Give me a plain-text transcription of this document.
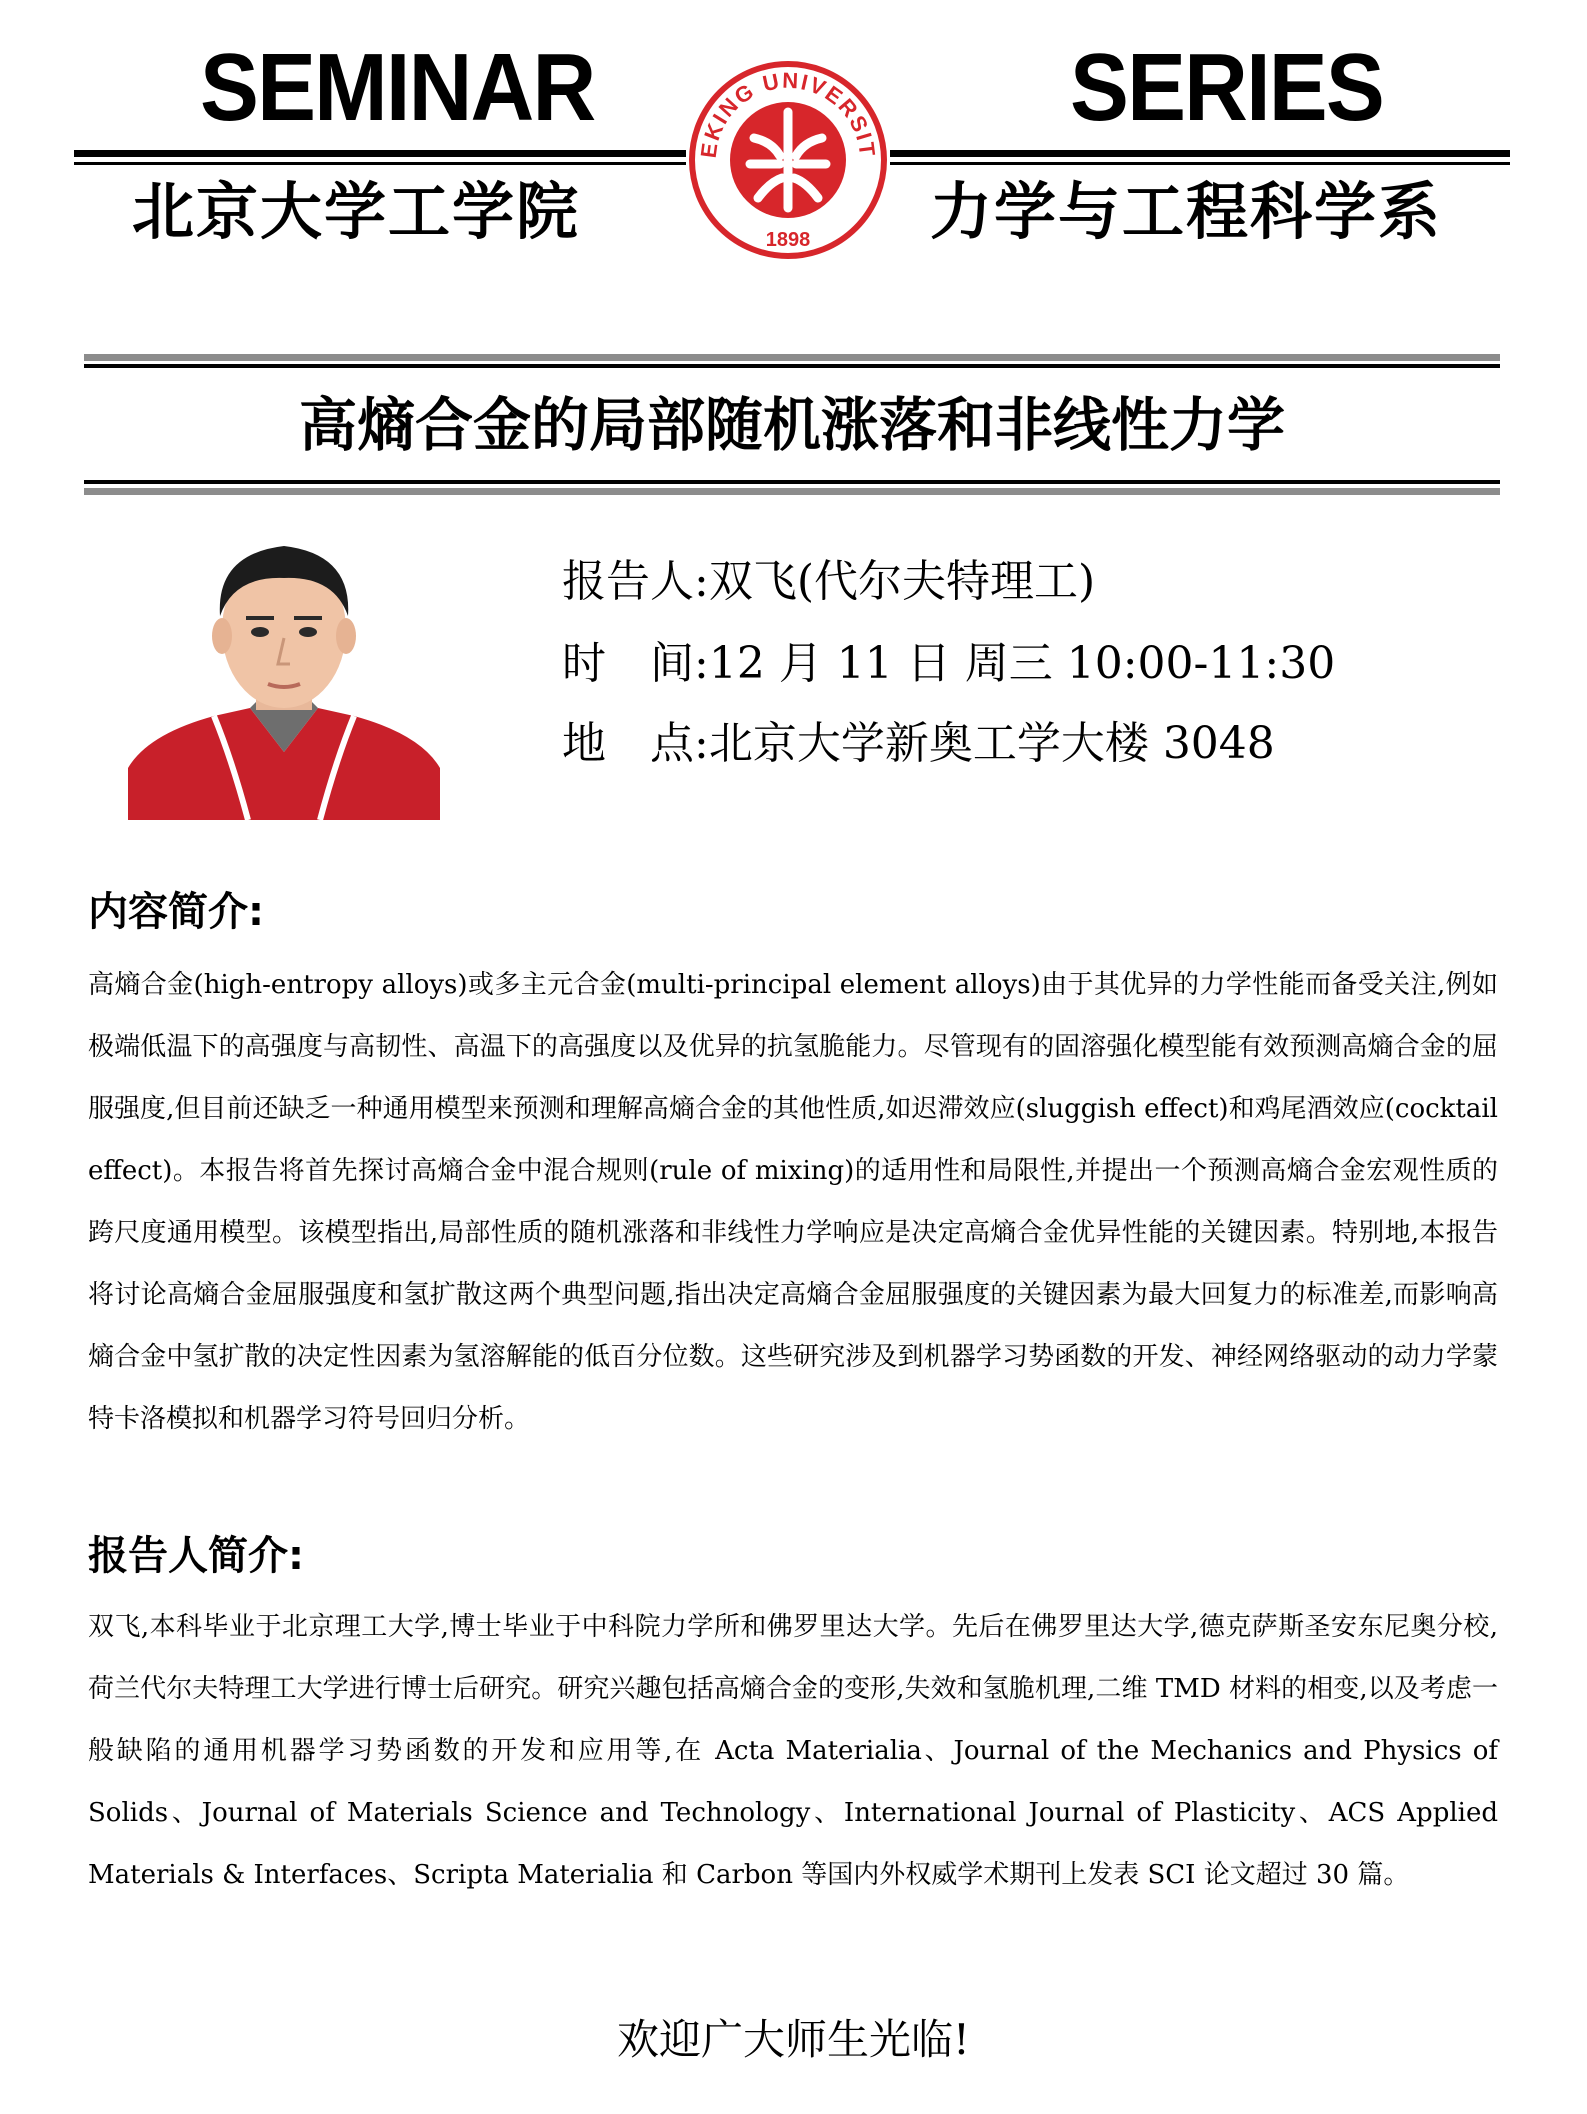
SEMINAR	SERIES
北京大学工学院	力学与工程科学系
EKING UNIVERSIT
1898
高熵合金的局部随机涨落和非线性力学
报告人:双飞(代尔夫特理工)
时　间:12 月 11 日 周三 10:00-11:30
地　点:北京大学新奥工学大楼 3048
内容简介:
高熵合金(high-entropy alloys)或多主元合金(multi-principal element alloys)由于其优异的力学性能而备受关注,例如极端低温下的高强度与高韧性、高温下的高强度以及优异的抗氢脆能力。尽管现有的固溶强化模型能有效预测高熵合金的屈服强度,但目前还缺乏一种通用模型来预测和理解高熵合金的其他性质,如迟滞效应(sluggish effect)和鸡尾酒效应(cocktail effect)。本报告将首先探讨高熵合金中混合规则(rule of mixing)的适用性和局限性,并提出一个预测高熵合金宏观性质的跨尺度通用模型。该模型指出,局部性质的随机涨落和非线性力学响应是决定高熵合金优异性能的关键因素。特别地,本报告将讨论高熵合金屈服强度和氢扩散这两个典型问题,指出决定高熵合金屈服强度的关键因素为最大回复力的标准差,而影响高熵合金中氢扩散的决定性因素为氢溶解能的低百分位数。这些研究涉及到机器学习势函数的开发、神经网络驱动的动力学蒙特卡洛模拟和机器学习符号回归分析。
报告人简介:
双飞,本科毕业于北京理工大学,博士毕业于中科院力学所和佛罗里达大学。先后在佛罗里达大学,德克萨斯圣安东尼奥分校,荷兰代尔夫特理工大学进行博士后研究。研究兴趣包括高熵合金的变形,失效和氢脆机理,二维 TMD 材料的相变,以及考虑一般缺陷的通用机器学习势函数的开发和应用等,在 Acta Materialia、Journal of the Mechanics and Physics of Solids、Journal of Materials Science and Technology、International Journal of Plasticity、ACS Applied Materials & Interfaces、Scripta Materialia 和 Carbon 等国内外权威学术期刊上发表 SCI 论文超过 30 篇。
欢迎广大师生光临!
